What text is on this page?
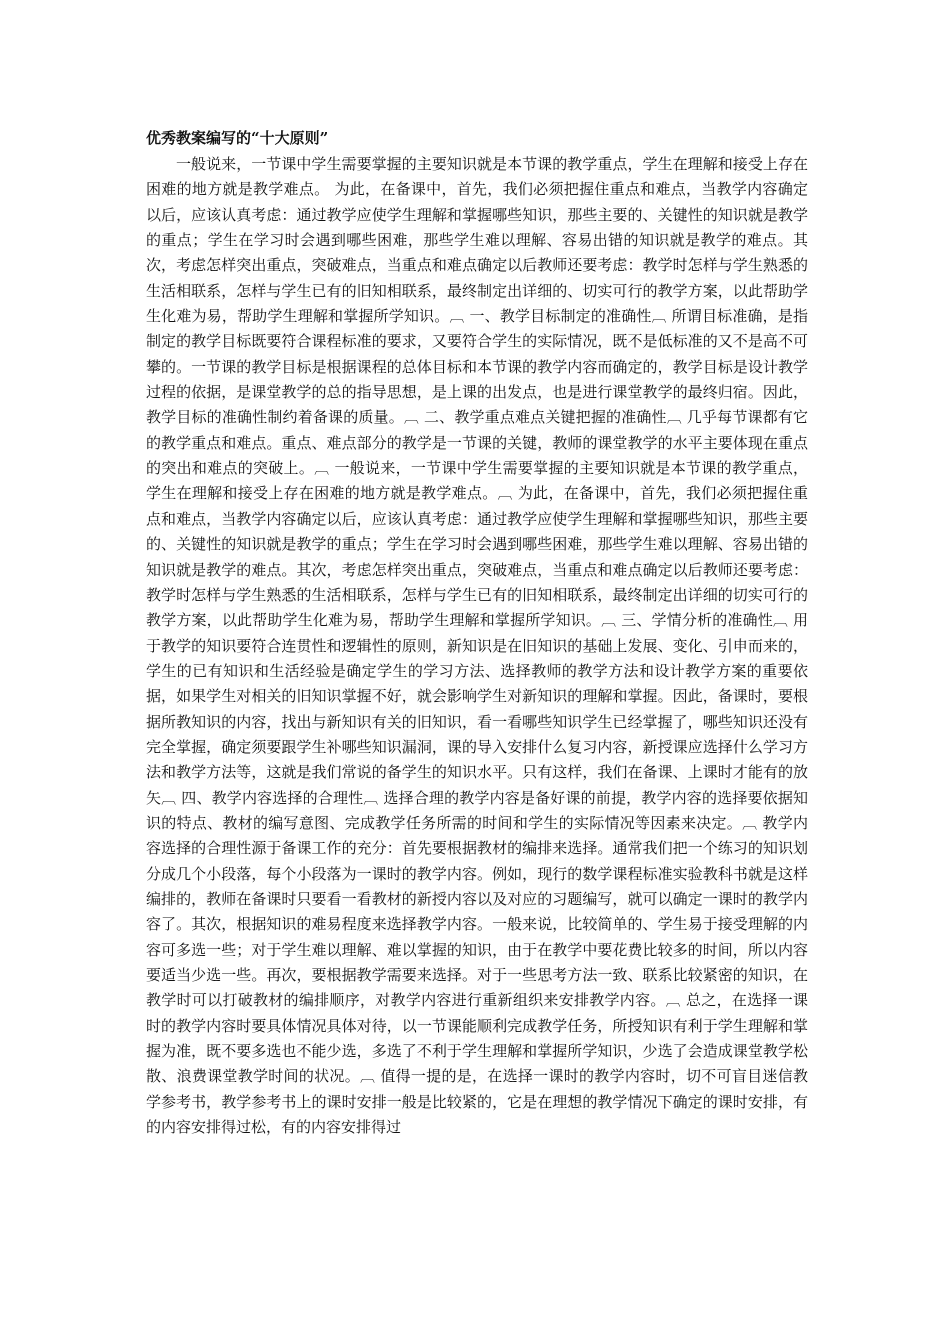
优秀教案编写的“十大原则”

一般说来，一节课中学生需要掌握的主要知识就是本节课的教学重点，学生在理解和接受上存在困难的地方就是教学难点。 为此，在备课中，首先，我们必须把握住重点和难点，当教学内容确定以后，应该认真考虑：通过教学应使学生理解和掌握哪些知识，那些主要的、关键性的知识就是教学的重点；学生在学习时会遇到哪些困难，那些学生难以理解、容易出错的知识就是教学的难点。其次，考虑怎样突出重点，突破难点，当重点和难点确定以后教师还要考虑：教学时怎样与学生熟悉的生活相联系，怎样与学生已有的旧知相联系，最终制定出详细的、切实可行的教学方案，以此帮助学生化难为易，帮助学生理解和掌握所学知识。︹ 一、教学目标制定的准确性︹ 所谓目标准确，是指制定的教学目标既要符合课程标准的要求，又要符合学生的实际情况，既不是低标准的又不是高不可攀的。一节课的教学目标是根据课程的总体目标和本节课的教学内容而确定的，教学目标是设计教学过程的依据，是课堂教学的总的指导思想，是上课的出发点，也是进行课堂教学的最终归宿。因此，教学目标的准确性制约着备课的质量。︹ 二、教学重点难点关键把握的准确性︹ 几乎每节课都有它的教学重点和难点。重点、难点部分的教学是一节课的关键，教师的课堂教学的水平主要体现在重点的突出和难点的突破上。︹ 一般说来，一节课中学生需要掌握的主要知识就是本节课的教学重点，学生在理解和接受上存在困难的地方就是教学难点。︹ 为此，在备课中，首先，我们必须把握住重点和难点，当教学内容确定以后，应该认真考虑：通过教学应使学生理解和掌握哪些知识，那些主要的、关键性的知识就是教学的重点；学生在学习时会遇到哪些困难，那些学生难以理解、容易出错的知识就是教学的难点。其次，考虑怎样突出重点，突破难点，当重点和难点确定以后教师还要考虑：教学时怎样与学生熟悉的生活相联系，怎样与学生已有的旧知相联系，最终制定出详细的切实可行的教学方案，以此帮助学生化难为易，帮助学生理解和掌握所学知识。︹ 三、学情分析的准确性︹ 用于教学的知识要符合连贯性和逻辑性的原则，新知识是在旧知识的基础上发展、变化、引申而来的，学生的已有知识和生活经验是确定学生的学习方法、选择教师的教学方法和设计教学方案的重要依据，如果学生对相关的旧知识掌握不好，就会影响学生对新知识的理解和掌握。因此，备课时，要根据所教知识的内容，找出与新知识有关的旧知识，看一看哪些知识学生已经掌握了，哪些知识还没有完全掌握，确定须要跟学生补哪些知识漏洞，课的导入安排什么复习内容，新授课应选择什么学习方法和教学方法等，这就是我们常说的备学生的知识水平。只有这样，我们在备课、上课时才能有的放矢︹ 四、教学内容选择的合理性︹ 选择合理的教学内容是备好课的前提，教学内容的选择要依据知识的特点、教材的编写意图、完成教学任务所需的时间和学生的实际情况等因素来决定。︹ 教学内容选择的合理性源于备课工作的充分：首先要根据教材的编排来选择。通常我们把一个练习的知识划分成几个小段落，每个小段落为一课时的教学内容。例如，现行的数学课程标准实验教科书就是这样编排的，教师在备课时只要看一看教材的新授内容以及对应的习题编写，就可以确定一课时的教学内容了。其次，根据知识的难易程度来选择教学内容。一般来说，比较简单的、学生易于接受理解的内容可多选一些；对于学生难以理解、难以掌握的知识，由于在教学中要花费比较多的时间，所以内容要适当少选一些。再次，要根据教学需要来选择。对于一些思考方法一致、联系比较紧密的知识，在教学时可以打破教材的编排顺序，对教学内容进行重新组织来安排教学内容。︹ 总之，在选择一课时的教学内容时要具体情况具体对待，以一节课能顺利完成教学任务，所授知识有利于学生理解和掌握为准，既不要多选也不能少选，多选了不利于学生理解和掌握所学知识，少选了会造成课堂教学松散、浪费课堂教学时间的状况。︹ 值得一提的是，在选择一课时的教学内容时，切不可盲目迷信教学参考书，教学参考书上的课时安排一般是比较紧的，它是在理想的教学情况下确定的课时安排，有的内容安排得过松，有的内容安排得过
